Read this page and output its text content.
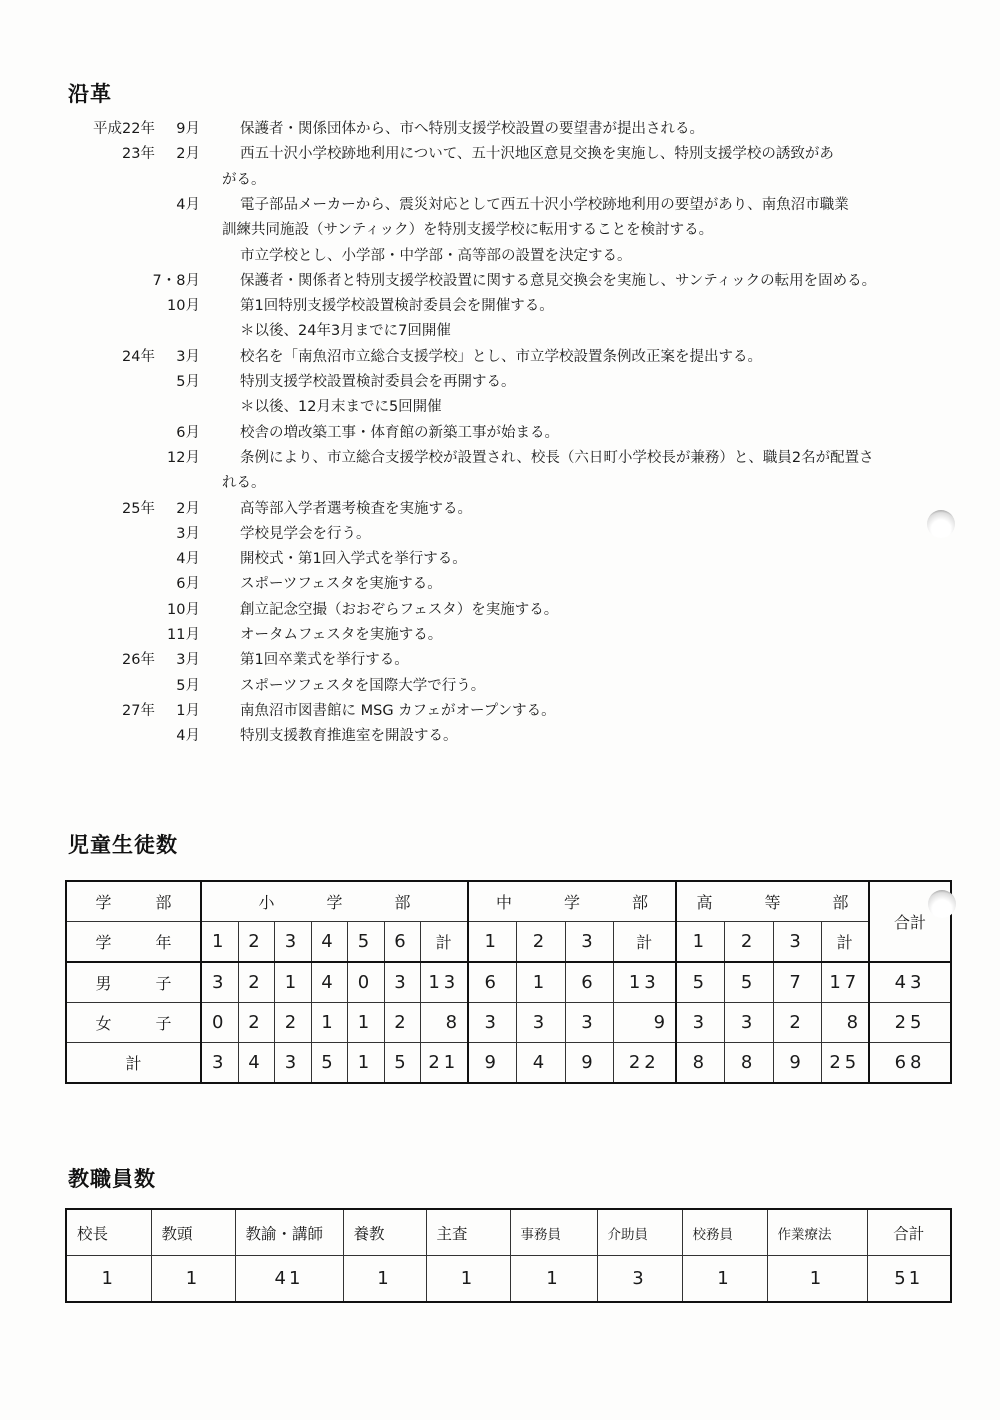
沿革
平成22年 9月	保護者・関係団体から、市へ特別支援学校設置の要望書が提出される。
23年 2月	西五十沢小学校跡地利用について、五十沢地区意見交換を実施し、特別支援学校の誘致があ
がる。
4月	電子部品メーカーから、震災対応として西五十沢小学校跡地利用の要望があり、南魚沼市職業
訓練共同施設（サンティック）を特別支援学校に転用することを検討する。
市立学校とし、小学部・中学部・高等部の設置を決定する。
7・8月	保護者・関係者と特別支援学校設置に関する意見交換会を実施し、サンティックの転用を固める。
10月	第1回特別支援学校設置検討委員会を開催する。
＊以後、24年3月までに7回開催
24年 3月	校名を「南魚沼市立総合支援学校」とし、市立学校設置条例改正案を提出する。
5月	特別支援学校設置検討委員会を再開する。
＊以後、12月末までに5回開催
6月	校舎の増改築工事・体育館の新築工事が始まる。
12月	条例により、市立総合支援学校が設置され、校長（六日町小学校長が兼務）と、職員2名が配置さ
れる。
25年 2月	高等部入学者選考検査を実施する。
3月	学校見学会を行う。
4月	開校式・第1回入学式を挙行する。
6月	スポーツフェスタを実施する。
10月	創立記念空撮（おおぞらフェスタ）を実施する。
11月	オータムフェスタを実施する。
26年 3月	第1回卒業式を挙行する。
5月	スポーツフェスタを国際大学で行う。
27年 1月	南魚沼市図書館に MSG カフェがオープンする。
4月	特別支援教育推進室を開設する。
児童生徒数
学　部	小　学　部							中　学　部				高　等　部				合計
学　年	1	2	3	4	5	6	計	1	2	3	計	1	2	3	計	
男　子	3	2	1	4	0	3	13	6	1	6	13	5	5	7	17	43
女　子	0	2	2	1	1	2	8	3	3	3	9	3	3	2	8	25
計	3	4	3	5	1	5	21	9	4	9	22	8	8	9	25	68
教職員数
校長	教頭	教諭・講師	養教	主査	事務員	介助員	校務員	作業療法	合計
1	1	41	1	1	1	3	1	1	51
